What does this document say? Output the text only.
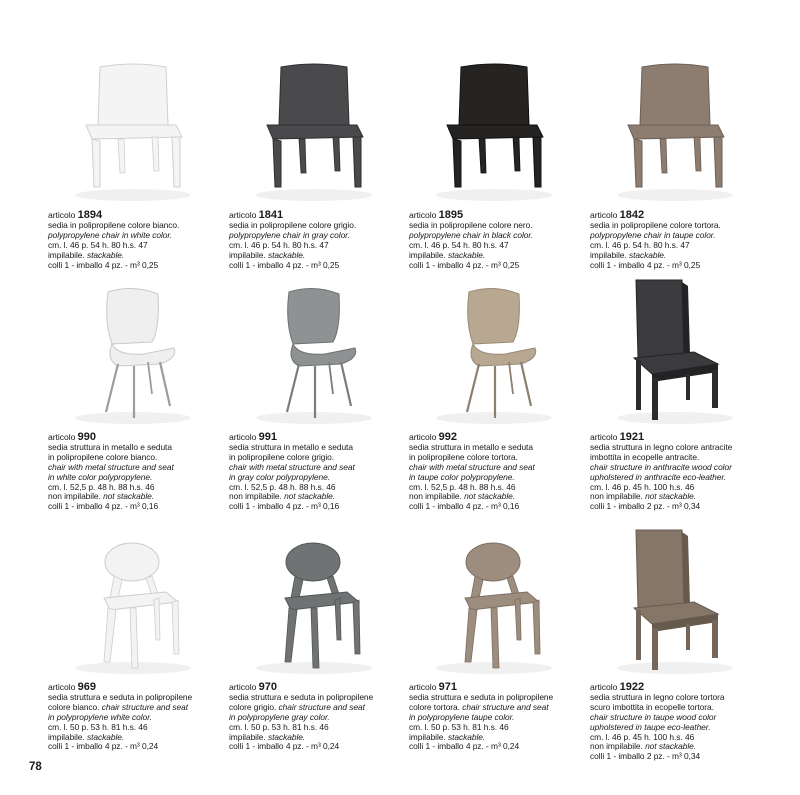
articolo 1894
sedia in polipropilene colore bianco.
polypropylene chair in white color.
cm. l. 46 p. 54 h. 80 h.s. 47
impilabile. stackable.
colli 1 - imballo 4 pz. - m³ 0,25
articolo 1841
sedia in polipropilene colore grigio.
polypropylene chair in gray color.
cm. l. 46 p. 54 h. 80 h.s. 47
impilabile. stackable.
colli 1 - imballo 4 pz. - m³ 0,25
articolo 1895
sedia in polipropilene colore nero.
polypropylene chair in black color.
cm. l. 46 p. 54 h. 80 h.s. 47
impilabile. stackable.
colli 1 - imballo 4 pz. - m³ 0,25
articolo 1842
sedia in polipropilene colore tortora.
polypropylene chair in taupe color.
cm. l. 46 p. 54 h. 80 h.s. 47
impilabile. stackable.
colli 1 - imballo 4 pz. - m³ 0,25
articolo 990
sedia struttura in metallo e seduta
in polipropilene colore bianco.
chair with metal structure and seat
in white color polypropylene.
cm. l. 52,5 p. 48 h. 88 h.s. 46
non impilabile. not stackable.
colli 1 - imballo 4 pz. - m³ 0,16
articolo 991
sedia struttura in metallo e seduta
in polipropilene colore grigio.
chair with metal structure and seat
in gray color polypropylene.
cm. l. 52,5 p. 48 h. 88 h.s. 46
non impilabile. not stackable.
colli 1 - imballo 4 pz. - m³ 0,16
articolo 992
sedia struttura in metallo e seduta
in polipropilene colore tortora.
chair with metal structure and seat
in taupe color polypropylene.
cm. l. 52,5 p. 48 h. 88 h.s. 46
non impilabile. not stackable.
colli 1 - imballo 4 pz. - m³ 0,16
articolo 1921
sedia struttura in legno colore antracite
imbottita in ecopelle antracite.
chair structure in anthracite wood color
upholstered in anthracite eco-leather.
cm. l. 46 p. 45 h. 100 h.s. 46
non impilabile. not stackable.
colli 1 - imballo 2 pz. - m³ 0,34
articolo 969
sedia struttura e seduta in polipropilene
colore bianco. chair structure and seat
in polypropylene white color.
cm. l. 50 p. 53 h. 81 h.s. 46
impilabile. stackable.
colli 1 - imballo 4 pz. - m³ 0,24
articolo 970
sedia struttura e seduta in polipropilene
colore grigio. chair structure and seat
in polypropylene gray color.
cm. l. 50 p. 53 h. 81 h.s. 46
impilabile. stackable.
colli 1 - imballo 4 pz. - m³ 0,24
articolo 971
sedia struttura e seduta in polipropilene
colore tortora. chair structure and seat
in polypropylene taupe color.
cm. l. 50 p. 53 h. 81 h.s. 46
impilabile. stackable.
colli 1 - imballo 4 pz. - m³ 0,24
articolo 1922
sedia struttura in legno colore tortora
scuro imbottita in ecopelle tortora.
chair structure in taupe wood color
upholstered in taupe eco-leather.
cm. l. 46 p. 45 h. 100 h.s. 46
non impilabile. not stackable.
colli 1 - imballo 2 pz. - m³ 0,34
78
